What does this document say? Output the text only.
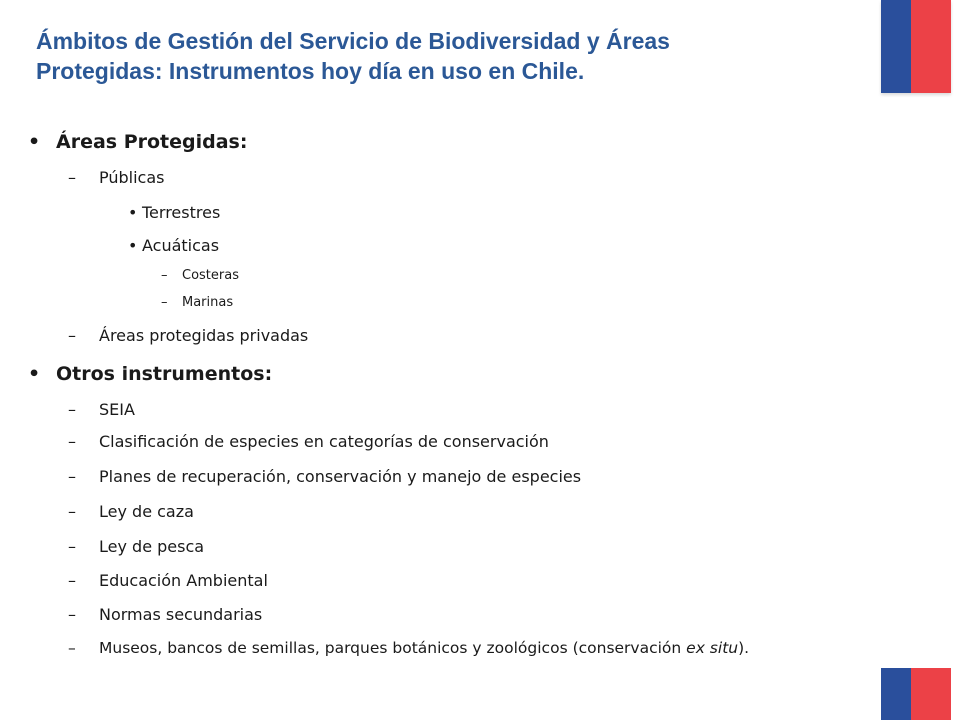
Ámbitos de Gestión del Servicio de Biodiversidad y Áreas
Protegidas: Instrumentos hoy día en uso en Chile.
• Áreas Protegidas:
– Públicas
• Terrestres
• Acuáticas
– Costeras
– Marinas
– Áreas protegidas privadas
• Otros instrumentos:
– SEIA
– Clasificación de especies en categorías de conservación
– Planes de recuperación, conservación y manejo de especies
– Ley de caza
– Ley de pesca
– Educación Ambiental
– Normas secundarias
– Museos, bancos de semillas, parques botánicos y zoológicos (conservación ex situ).
